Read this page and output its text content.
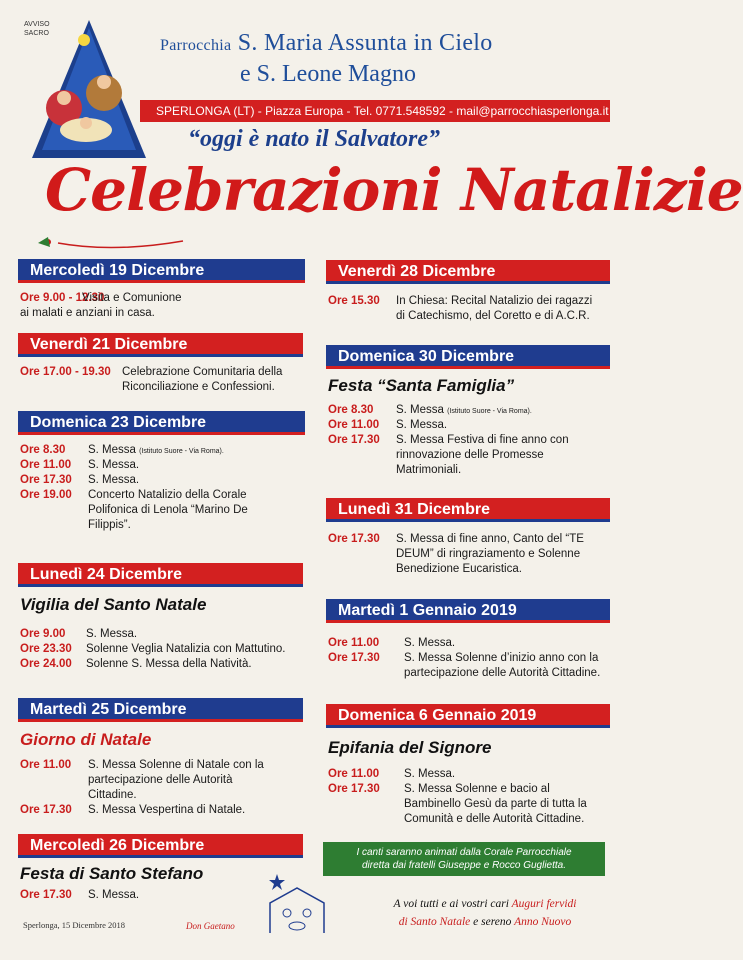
AVVISO SACRO
Parrocchia S. Maria Assunta in Cielo
e S. Leone Magno
SPERLONGA (LT) - Piazza Europa - Tel. 0771.548592 - mail@parrocchiasperlonga.it
“oggi è nato il Salvatore”
Celebrazioni Natalizie
Mercoledì 19 Dicembre
Ore 9.00 - 12.30
Visita e Comunione
ai malati e anziani in casa.
Venerdì 21 Dicembre
Ore 17.00 - 19.30 Celebrazione Comunitaria della
Riconciliazione e Confessioni.
Domenica 23 Dicembre
Ore 8.30 S. Messa (Istituto Suore - Via Roma).
Ore 11.00 S. Messa.
Ore 17.30 S. Messa.
Ore 19.00 Concerto Natalizio della Corale
Polifonica di Lenola “Marino De
Filippis”.
Lunedì 24 Dicembre
Vigilia del Santo Natale
Ore 9.00 S. Messa.
Ore 23.30 Solenne Veglia Natalizia con Mattutino.
Ore 24.00 Solenne S. Messa della Natività.
Martedì 25 Dicembre
Giorno di Natale
Ore 11.00 S. Messa Solenne di Natale con la
partecipazione delle Autorità
Cittadine.
Ore 17.30 S. Messa Vespertina di Natale.
Mercoledì 26 Dicembre
Festa di Santo Stefano
Ore 17.30 S. Messa.
Venerdì 28 Dicembre
Ore 15.30 In Chiesa: Recital Natalizio dei ragazzi
di Catechismo, del Coretto e di A.C.R.
Domenica 30 Dicembre
Festa “Santa Famiglia”
Ore 8.30 S. Messa (Istituto Suore - Via Roma).
Ore 11.00 S. Messa.
Ore 17.30 S. Messa Festiva di fine anno con
rinnovazione delle Promesse
Matrimoniali.
Lunedì 31 Dicembre
Ore 17.30 S. Messa di fine anno, Canto del “TE
DEUM” di ringraziamento e Solenne
Benedizione Eucaristica.
Martedì 1 Gennaio 2019
Ore 11.00 S. Messa.
Ore 17.30 S. Messa Solenne d’inizio anno con la
partecipazione delle Autorità Cittadine.
Domenica 6 Gennaio 2019
Epifania del Signore
Ore 11.00 S. Messa.
Ore 17.30 S. Messa Solenne e bacio al
Bambinello Gesù da parte di tutta la
Comunità e delle Autorità Cittadine.
I canti saranno animati dalla Corale Parrocchiale
diretta dai fratelli Giuseppe e Rocco Guglietta.
Sperlonga, 15 Dicembre 2018	Don Gaetano
A voi tutti e ai vostri cari Auguri fervidi
di Santo Natale e sereno Anno Nuovo
